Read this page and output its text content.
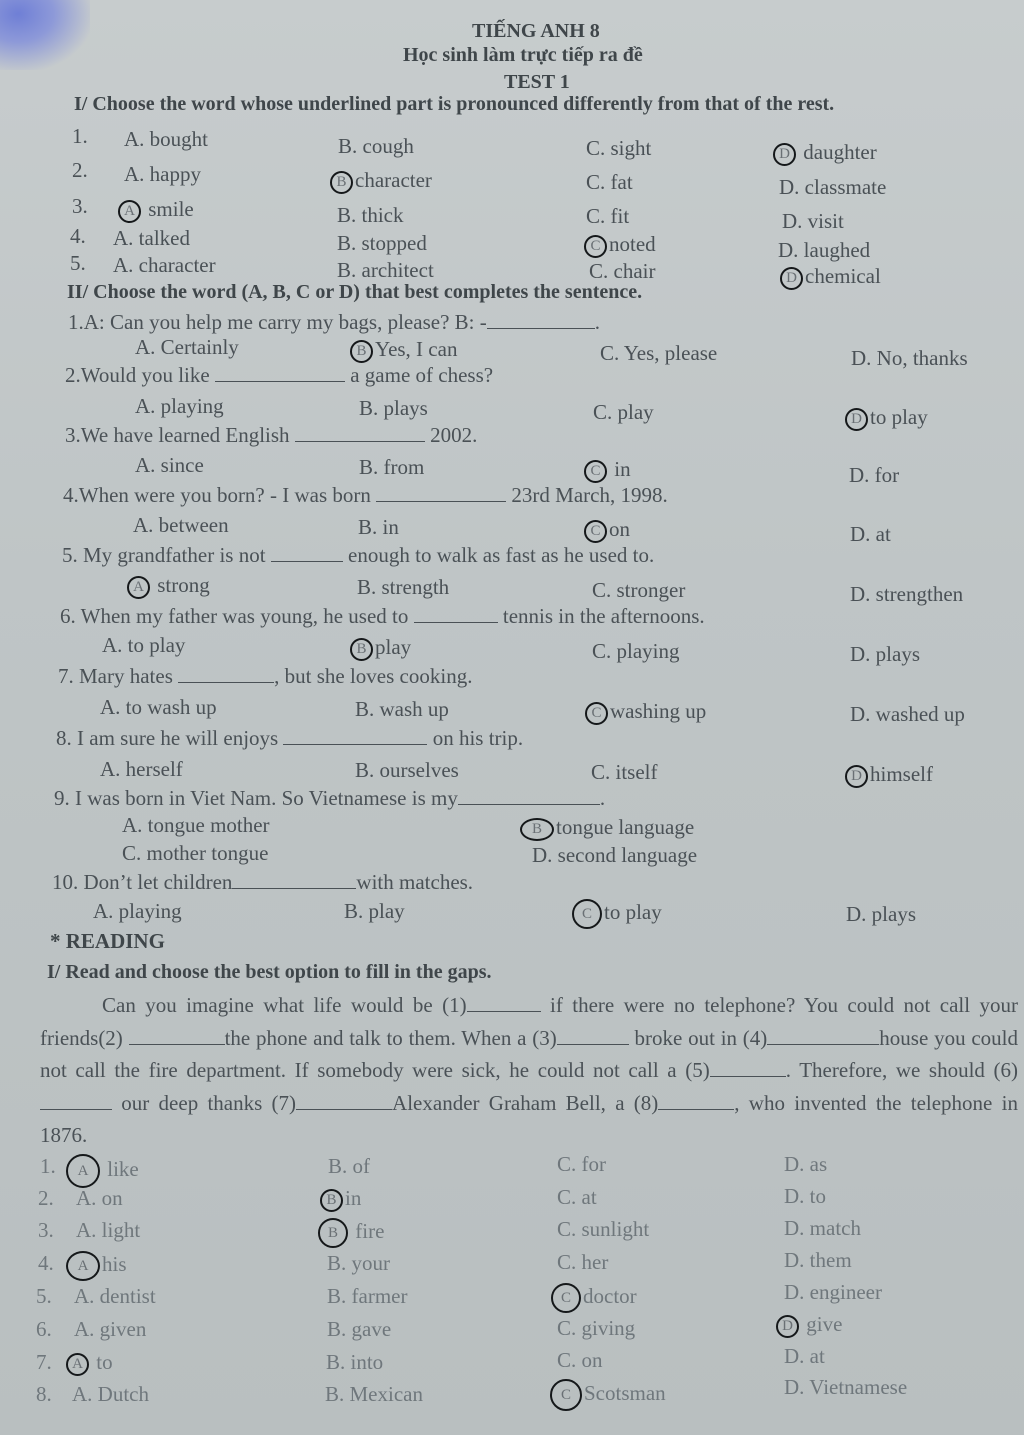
TIẾNG ANH 8
Học sinh làm trực tiếp ra đề
TEST 1
I/ Choose the word whose underlined part is pronounced differently from that of the rest.
1. A. bought	B. cough	C. sight	D daughter
2. A. happy	B character	C. fat	D. classmate
3.	A smile	B. thick	C. fit	D. visit
4. A. talked	B. stopped	C noted	D. laughed
5. A. character	B. architect	C. chair	D chemical
II/ Choose the word (A, B, C or D) that best completes the sentence.
1.A: Can you help me carry my bags, please? B: -	.
A. Certainly	B Yes, I can	C. Yes, please	D. No, thanks
2.Would you like	a game of chess?
A. playing	B. plays	C. play	D to play
3.We have learned English	2002.
A. since	B. from	C in	D. for
4.When were you born? - I was born	23rd March, 1998.
A. between	B. in	C on	D. at
5. My grandfather is not	enough to walk as fast as he used to.
A strong	B. strength	C. stronger	D. strengthen
6. When my father was young, he used to	tennis in the afternoons.
A. to play	B play	C. playing	D. plays
7. Mary hates	, but she loves cooking.
A. to wash up	B. wash up	C washing up	D. washed up
8. I am sure he will enjoys	on his trip.
A. herself	B. ourselves	C. itself	D himself
9. I was born in Viet Nam. So Vietnamese is my	.
A. tongue mother	B tongue language
C. mother tongue	D. second language
10. Don’t let children	with matches.
A. playing	B. play	C to play	D. plays
* READING
I/ Read and choose the best option to fill in the gaps.
Can you imagine what life would be (1)	if there were no telephone? You could not call your friends(2)	the phone and talk to them. When a (3)	broke out in (4)	house you could not call the fire department. If somebody were sick, he could not call a (5)	. Therefore, we should (6) our deep thanks (7)	Alexander Graham Bell, a (8)	, who invented the telephone in 1876.
1.	A like	B. of	C. for	D. as
2. A. on	B in	C. at	D. to
3. A. light	B fire	C. sunlight	D. match
4.	A his	B. your	C. her	D. them
5. A. dentist	B. farmer	C doctor	D. engineer
6. A. given	B. gave	C. giving	D give
7.	A to	B. into	C. on	D. at
8. A. Dutch	B. Mexican	C Scotsman	D. Vietnamese
